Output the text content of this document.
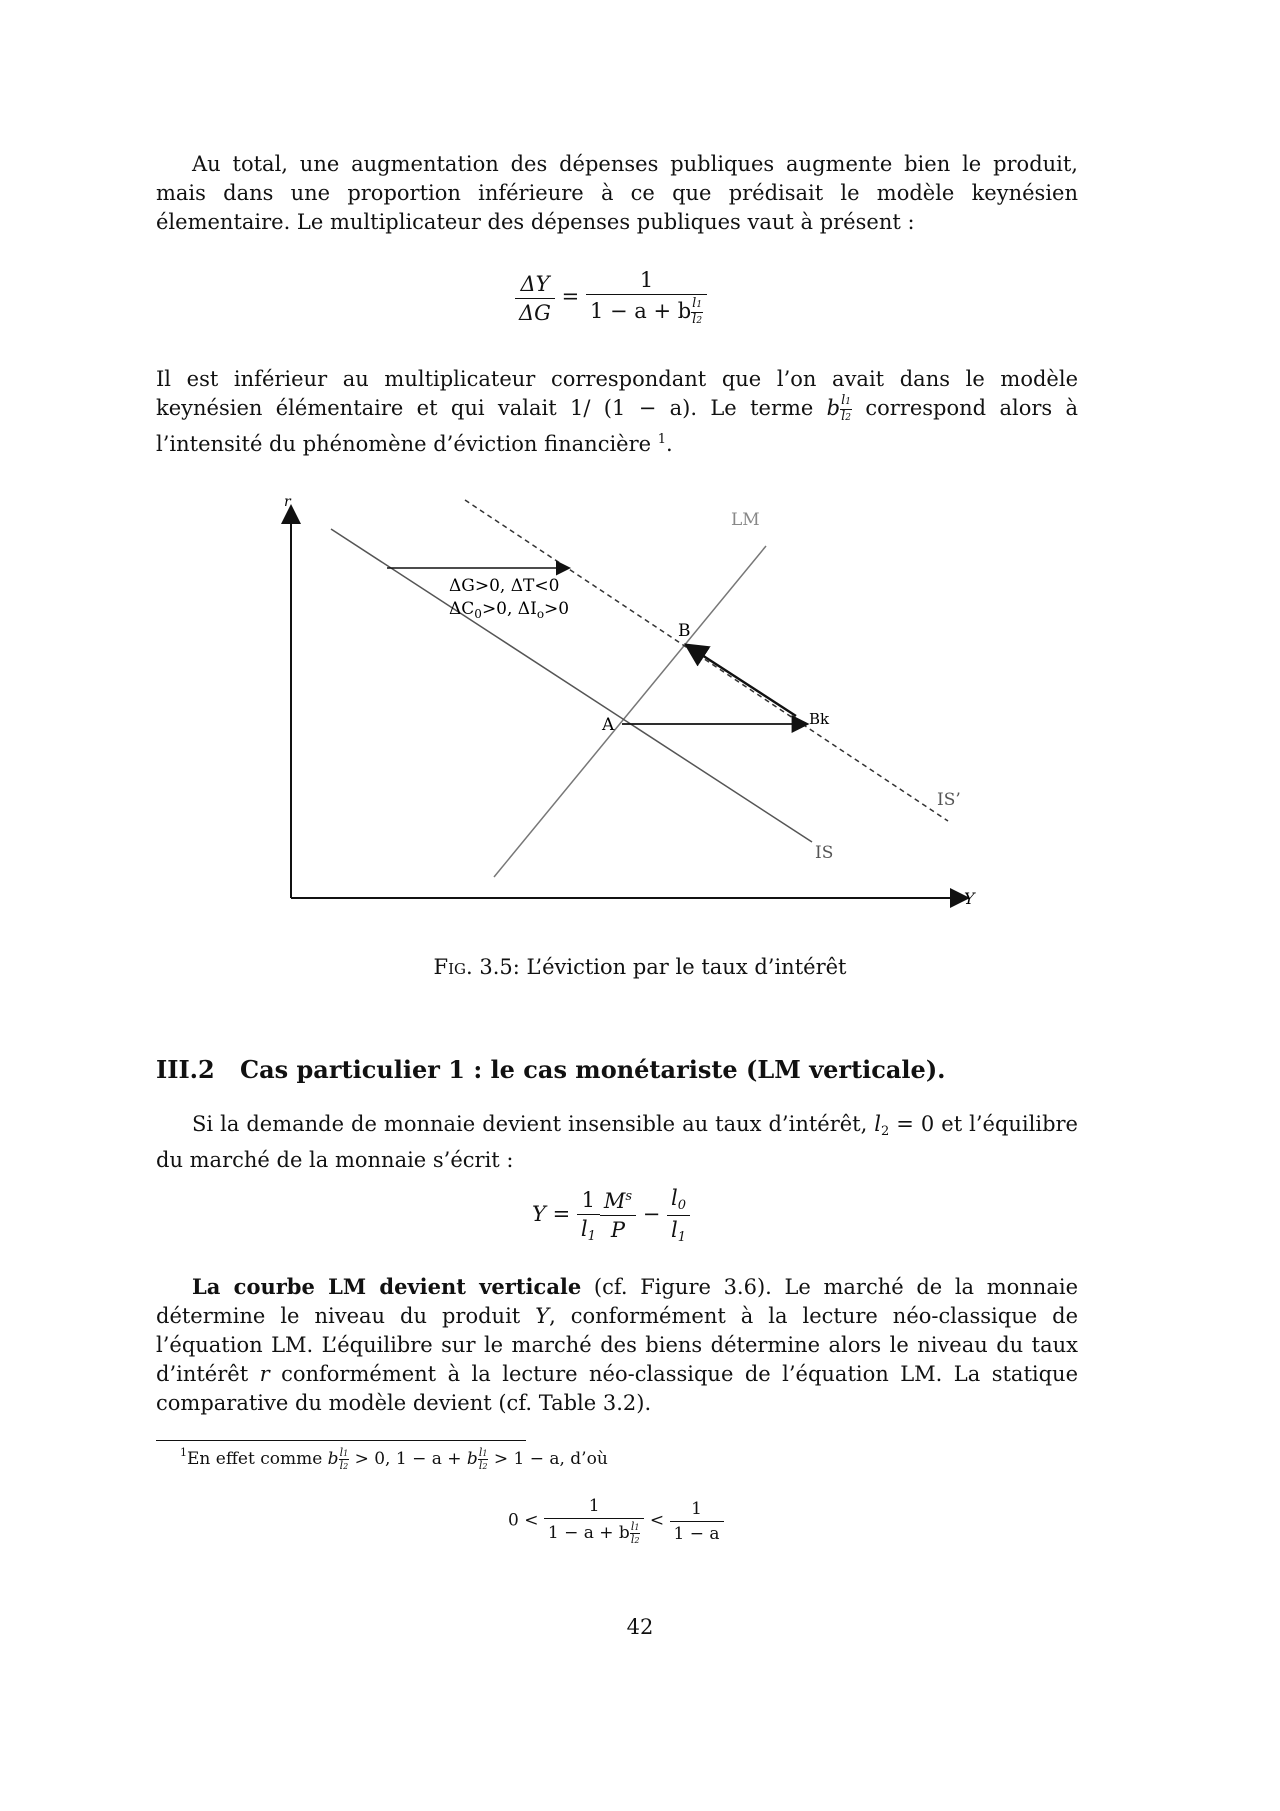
Au total, une augmentation des dépenses publiques augmente bien le produit, mais dans une proportion inférieure à ce que prédisait le modèle keynésien élementaire. Le multiplicateur des dépenses publiques vaut à présent :

$\frac{\Delta Y}{\Delta G} = \frac{1}{1 - a + b \frac{l1}{l2}}$

Il est inférieur au multiplicateur correspondant que l’on avait dans le modèle keynésien élémentaire et qui valait 1/ (1 − a). Le terme b $\frac{l1}{l2}$ correspond alors à l’intensité du phénomène d’éviction financière $^1$.

r
Y
LM
IS
IS’
ΔG>0, ΔT<0
$\Delta C_0>0$, $\Delta I_o>0$
A
B
Bk
Fig. 3.5: L’éviction par le taux d’intérêt
III.2 Cas particulier 1 : le cas monétariste (LM verticale).

Si la demande de monnaie devient insensible au taux d’intérêt, $l_2 = 0$ et l’équilibre du marché de la monnaie s’écrit :

$Y = \frac{1}{l_1} \frac{M^s}{P} - \frac{l_0}{l_1}$

La courbe LM devient verticale (cf. Figure 3.6). Le marché de la monnaie détermine le niveau du produit Y, conformément à la lecture néo-classique de l’équation LM. L’équilibre sur le marché des biens détermine alors le niveau du taux d’intérêt r conformément à la lecture néo-classique de l’équation LM. La statique comparative du modèle devient (cf. Table 3.2).

$^1$En effet comme b $\frac{l1}{l2} > 0$, 1 − a + b $\frac{l1}{l2} > 1 - a$, d’où
$0 < \frac{1}{1 - a + b \frac{l1}{l2}} < \frac{1}{1 - a}$
42
